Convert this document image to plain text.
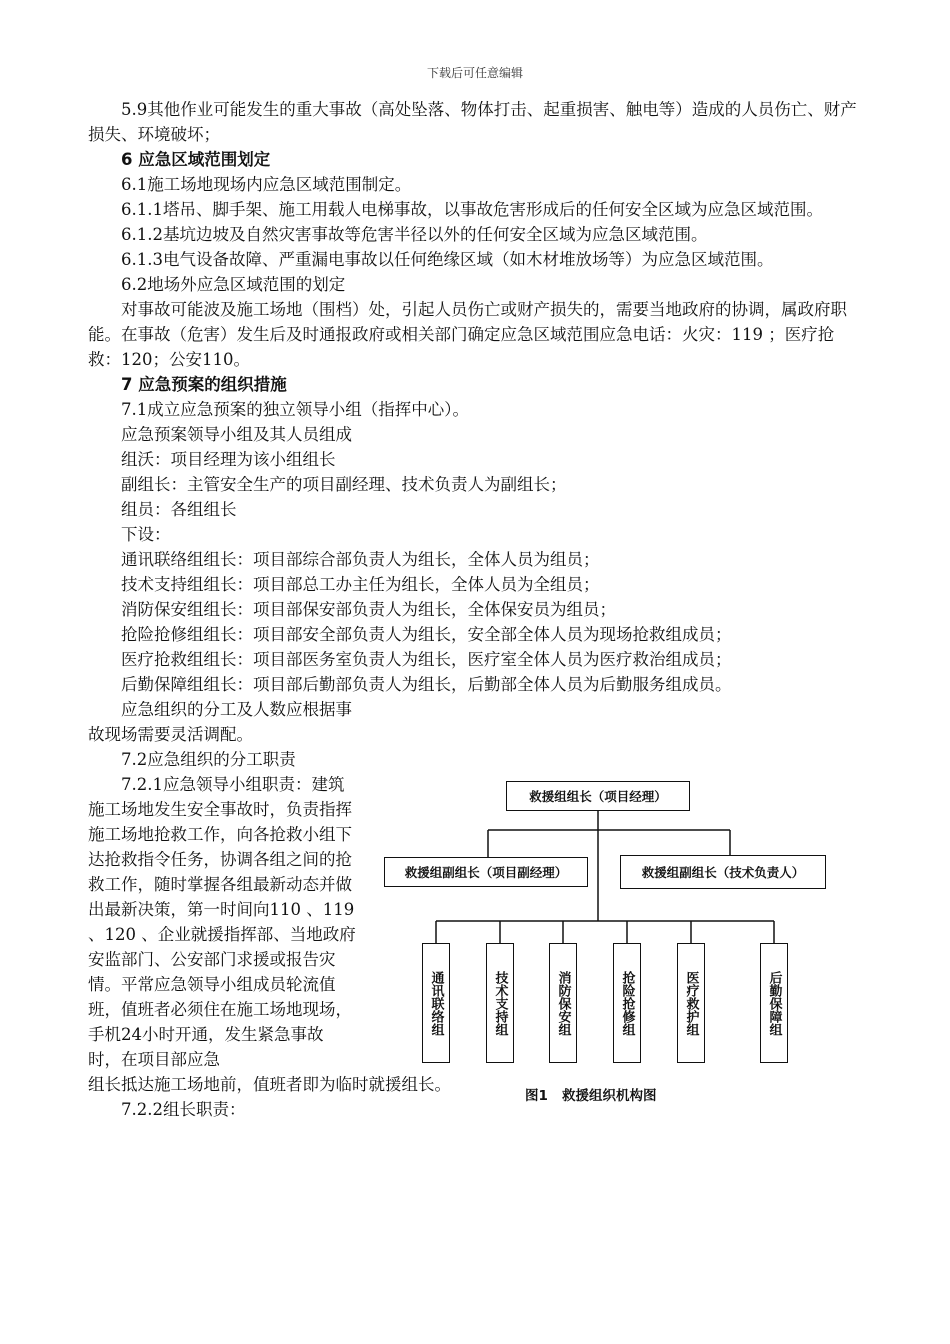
下载后可任意编辑

5.9其他作业可能发生的重大事故（高处坠落、物体打击、起重损害、触电等）造成的人员伤亡、财产损失、环境破坏；

6 应急区域范围划定

6.1施工场地现场内应急区域范围制定。

6.1.1塔吊、脚手架、施工用载人电梯事故，以事故危害形成后的任何安全区域为应急区域范围。

6.1.2基坑边坡及自然灾害事故等危害半径以外的任何安全区域为应急区域范围。

6.1.3电气设备故障、严重漏电事故以任何绝缘区域（如木材堆放场等）为应急区域范围。

6.2地场外应急区域范围的划定

对事故可能波及施工场地（围档）处，引起人员伤亡或财产损失的，需要当地政府的协调，属政府职能。在事故（危害）发生后及时通报政府或相关部门确定应急区域范围应急电话：火灾：119 ；医疗抢救：120；公安110。

7 应急预案的组织措施

7.1成立应急预案的独立领导小组（指挥中心）。

应急预案领导小组及其人员组成

组沃：项目经理为该小组组长

副组长：主管安全生产的项目副经理、技术负责人为副组长；

组员：各组组长

下设：

通讯联络组组长：项目部综合部负责人为组长，全体人员为组员；

技术支持组组长：项目部总工办主任为组长，全体人员为全组员；

消防保安组组长：项目部保安部负责人为组长，全体保安员为组员；

抢险抢修组组长：项目部安全部负责人为组长，安全部全体人员为现场抢救组成员；

医疗抢救组组长：项目部医务室负责人为组长，医疗室全体人员为医疗救治组成员；

后勤保障组组长：项目部后勤部负责人为组长，后勤部全体人员为后勤服务组成员。

应急组织的分工及人数应根据事故现场需要灵活调配。

7.2应急组织的分工职责

7.2.1应急领导小组职责：建筑施工场地发生安全事故时，负责指挥施工场地抢救工作，向各抢救小组下达抢救指令任务，协调各组之间的抢救工作，随时掌握各组最新动态并做出最新决策，第一时间向110 、119 、120 、企业就援指挥部、当地政府安监部门、公安部门求援或报告灾情。平常应急领导小组成员轮流值班，值班者必须住在施工场地现场，手机24小时开通，发生紧急事故时，在项目部应急

组长抵达施工场地前，值班者即为临时就援组长。

7.2.2组长职责：

救援组组长（项目经理）
救援组副组长（项目副经理）	救援组副组长（技术负责人）
通讯联络组	技术支持组	消防保安组	抢险抢修组	医疗救护组	后勤保障组
图1   救援组织机构图
